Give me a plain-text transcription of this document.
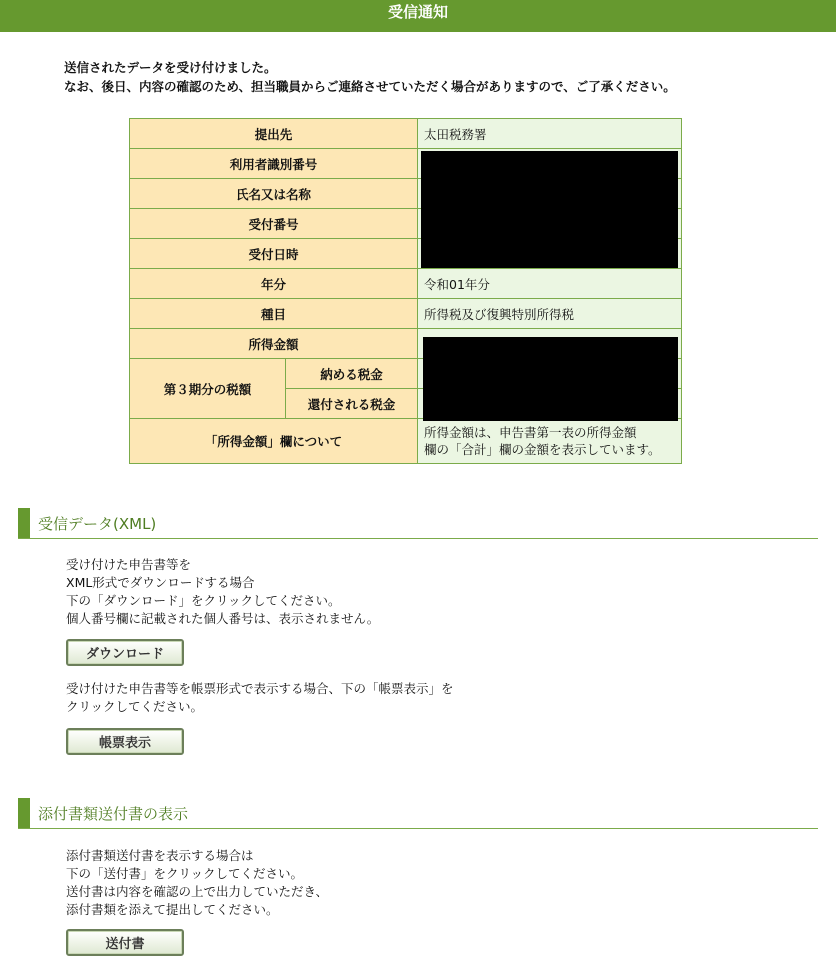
受信通知
送信されたデータを受け付けました。
なお、後日、内容の確認のため、担当職員からご連絡させていただく場合がありますので、ご了承ください。
提出先		太田税務署
利用者識別番号		
氏名又は名称		
受付番号		
受付日時		
年分		令和01年分
種目		所得税及び復興特別所得税
所得金額		
第３期分の税額	納める税金	
	還付される税金	
「所得金額」欄について		所得金額は、申告書第一表の所得金額
欄の「合計」欄の金額を表示しています。
受信データ(XML)
受け付けた申告書等を
XML形式でダウンロードする場合
下の「ダウンロード」をクリックしてください。
個人番号欄に記載された個人番号は、表示されません。
ダウンロード
受け付けた申告書等を帳票形式で表示する場合、下の「帳票表示」を
クリックしてください。
帳票表示
添付書類送付書の表示
添付書類送付書を表示する場合は
下の「送付書」をクリックしてください。
送付書は内容を確認の上で出力していただき、
添付書類を添えて提出してください。
送付書
